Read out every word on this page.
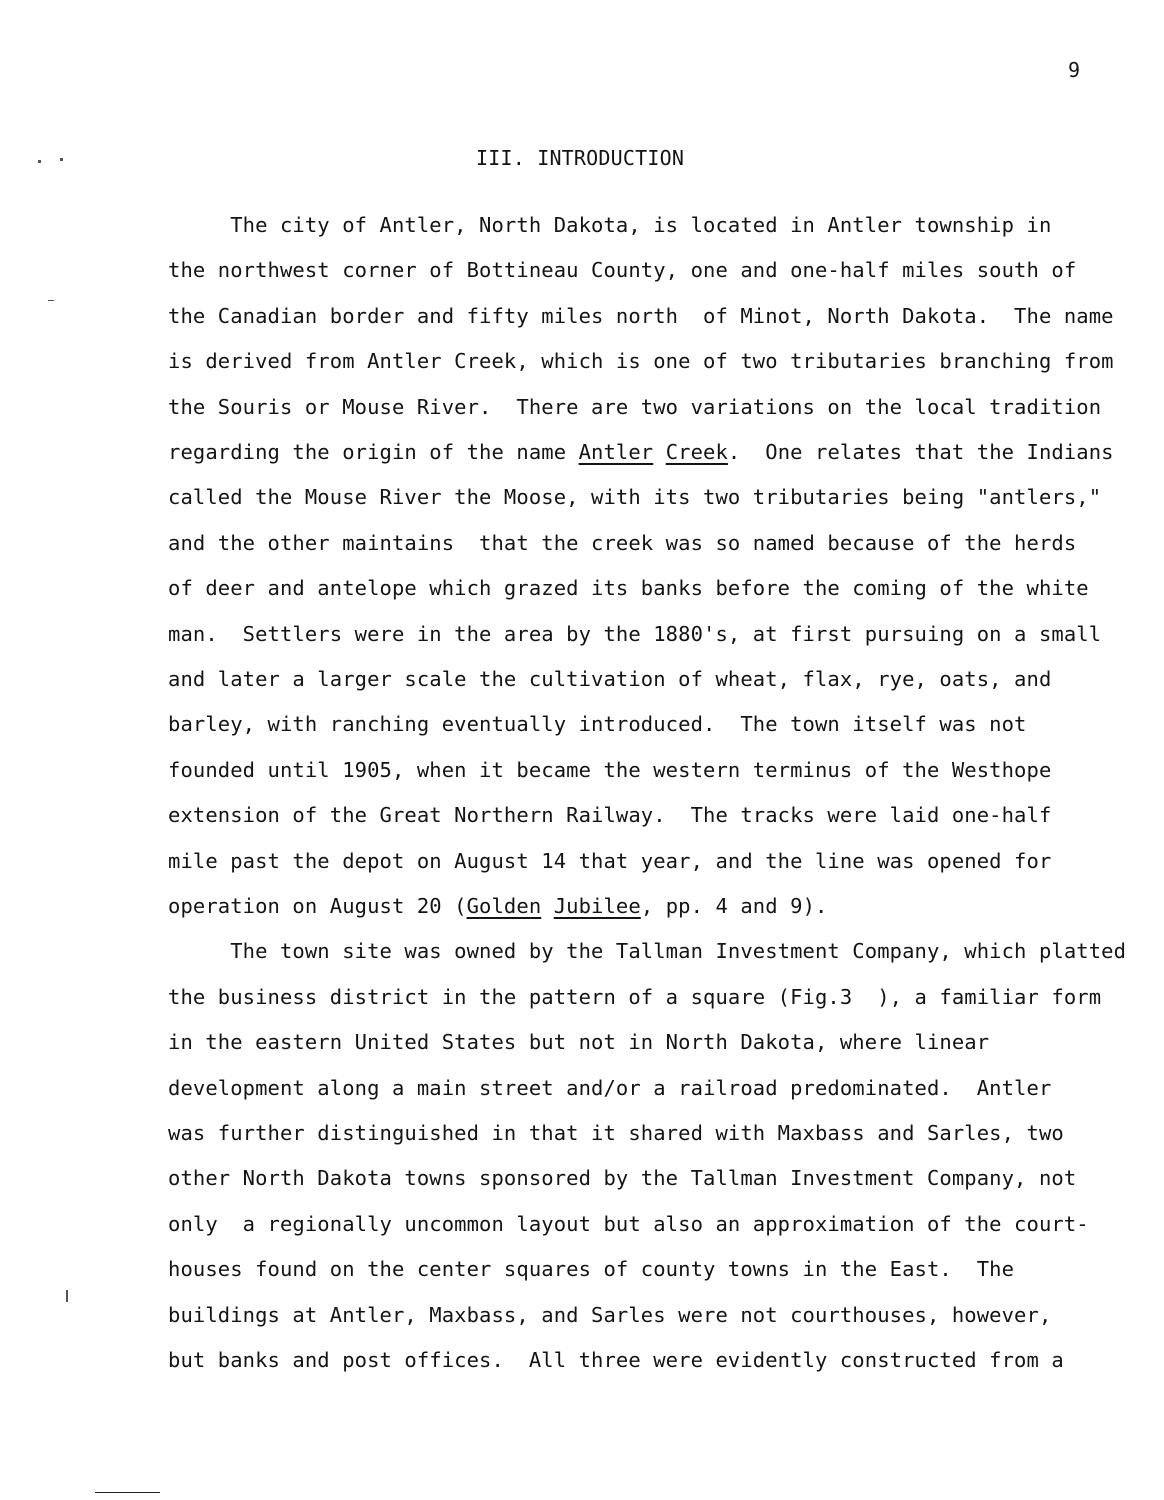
9
III. INTRODUCTION
The city of Antler, North Dakota, is located in Antler township in
the northwest corner of Bottineau County, one and one-half miles south of
the Canadian border and fifty miles north  of Minot, North Dakota.  The name
is derived from Antler Creek, which is one of two tributaries branching from
the Souris or Mouse River.  There are two variations on the local tradition
regarding the origin of the name Antler Creek.  One relates that the Indians
called the Mouse River the Moose, with its two tributaries being "antlers,"
and the other maintains  that the creek was so named because of the herds
of deer and antelope which grazed its banks before the coming of the white
man.  Settlers were in the area by the 1880's, at first pursuing on a small
and later a larger scale the cultivation of wheat, flax, rye, oats, and
barley, with ranching eventually introduced.  The town itself was not
founded until 1905, when it became the western terminus of the Westhope
extension of the Great Northern Railway.  The tracks were laid one-half
mile past the depot on August 14 that year, and the line was opened for
operation on August 20 (Golden Jubilee, pp. 4 and 9).
The town site was owned by the Tallman Investment Company, which platted
the business district in the pattern of a square (Fig.3  ), a familiar form
in the eastern United States but not in North Dakota, where linear
development along a main street and/or a railroad predominated.  Antler
was further distinguished in that it shared with Maxbass and Sarles, two
other North Dakota towns sponsored by the Tallman Investment Company, not
only  a regionally uncommon layout but also an approximation of the court-
houses found on the center squares of county towns in the East.  The
buildings at Antler, Maxbass, and Sarles were not courthouses, however,
but banks and post offices.  All three were evidently constructed from a
